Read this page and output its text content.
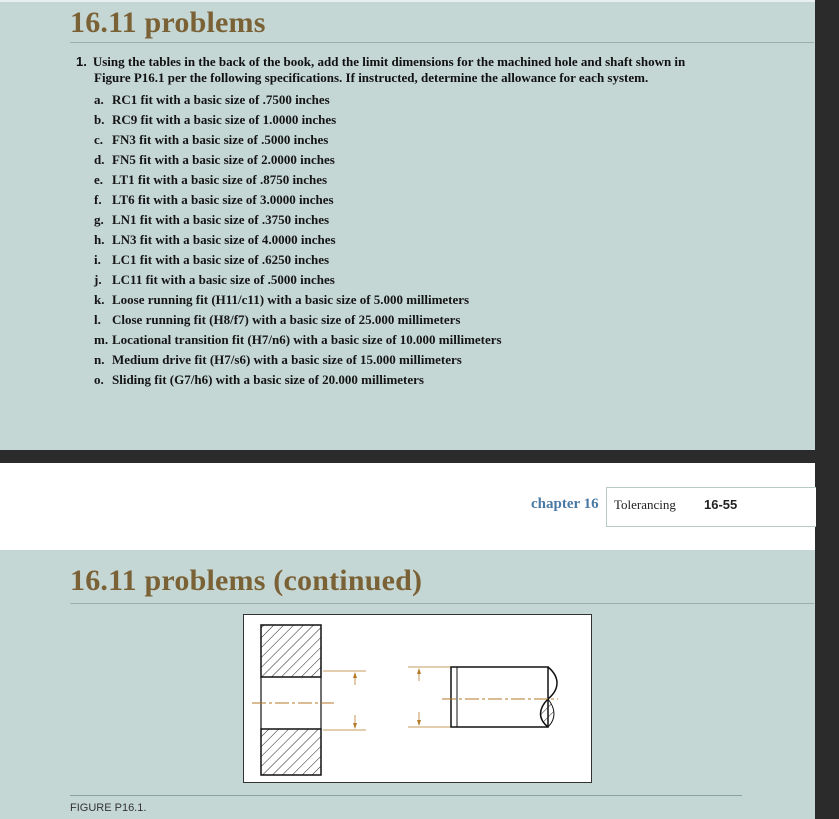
16.11 problems
1. Using the tables in the back of the book, add the limit dimensions for the machined hole and shaft shown in
Figure P16.1 per the following specifications. If instructed, determine the allowance for each system.
a. RC1 fit with a basic size of .7500 inches
b. RC9 fit with a basic size of 1.0000 inches
c. FN3 fit with a basic size of .5000 inches
d. FN5 fit with a basic size of 2.0000 inches
e. LT1 fit with a basic size of .8750 inches
f. LT6 fit with a basic size of 3.0000 inches
g. LN1 fit with a basic size of .3750 inches
h. LN3 fit with a basic size of 4.0000 inches
i. LC1 fit with a basic size of .6250 inches
j. LC11 fit with a basic size of .5000 inches
k. Loose running fit (H11/c11) with a basic size of 5.000 millimeters
l. Close running fit (H8/f7) with a basic size of 25.000 millimeters
m. Locational transition fit (H7/n6) with a basic size of 10.000 millimeters
n. Medium drive fit (H7/s6) with a basic size of 15.000 millimeters
o. Sliding fit (G7/h6) with a basic size of 20.000 millimeters
chapter 16 Tolerancing 16-55
16.11 problems (continued)
FIGURE P16.1.
